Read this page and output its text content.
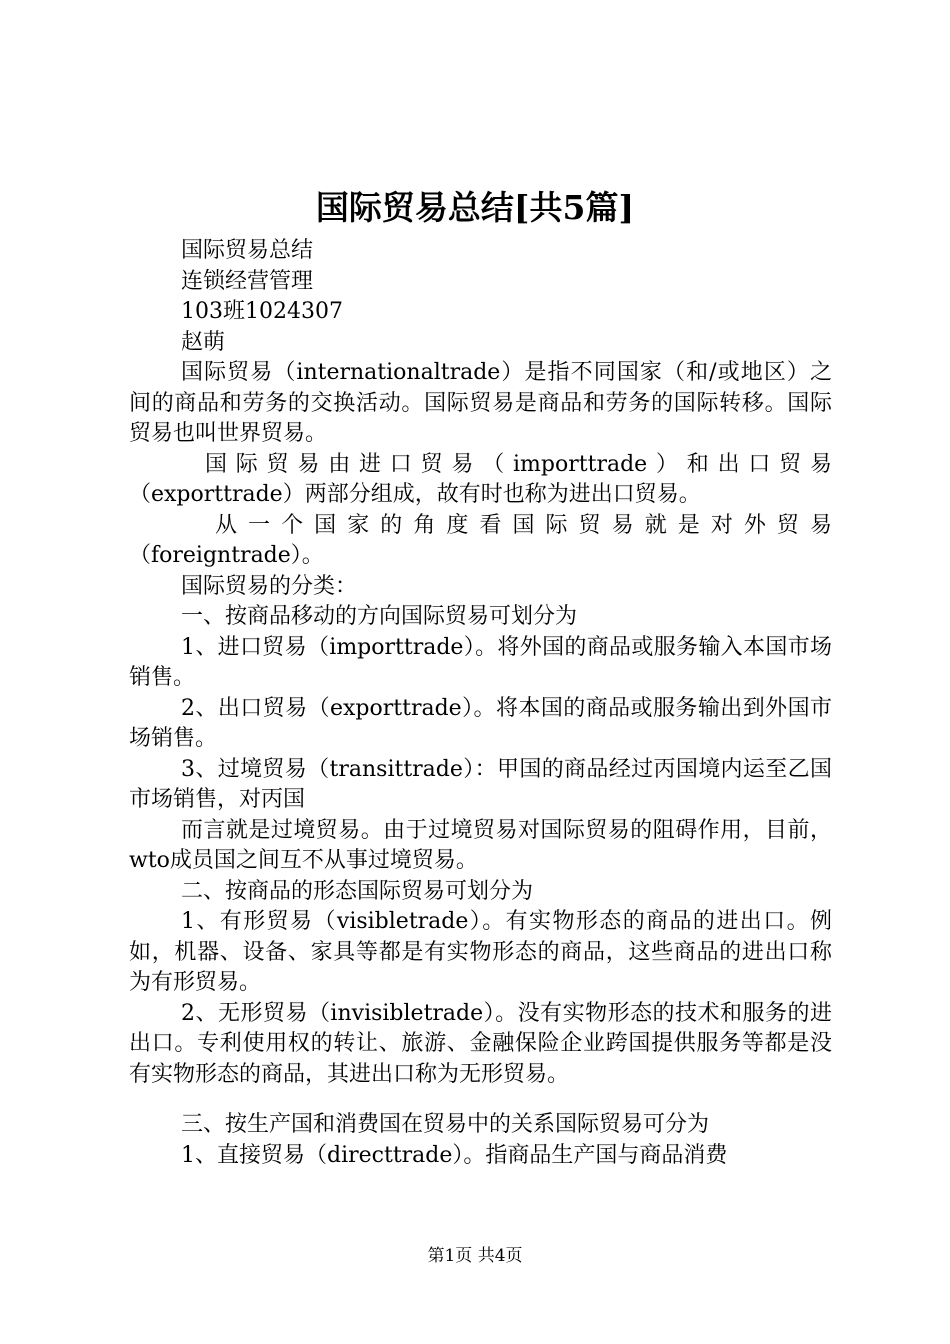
国际贸易总结[共5篇]

国际贸易总结

连锁经营管理

103班1024307

赵萌

国际贸易（internationaltrade）是指不同国家（和/或地区）之间的商品和劳务的交换活动。国际贸易是商品和劳务的国际转移。国际贸易也叫世界贸易。

国际贸易由进口贸易（importtrade）和出口贸易

（exporttrade）两部分组成，故有时也称为进出口贸易。

从一个国家的角度看国际贸易就是对外贸易

（foreigntrade）。

国际贸易的分类：

一、按商品移动的方向国际贸易可划分为

1、进口贸易（importtrade）。将外国的商品或服务输入本国市场销售。

2、出口贸易（exporttrade）。将本国的商品或服务输出到外国市场销售。

3、过境贸易（transittrade）：甲国的商品经过丙国境内运至乙国市场销售，对丙国

而言就是过境贸易。由于过境贸易对国际贸易的阻碍作用，目前，wto成员国之间互不从事过境贸易。

二、按商品的形态国际贸易可划分为

1、有形贸易（visibletrade）。有实物形态的商品的进出口。例如，机器、设备、家具等都是有实物形态的商品，这些商品的进出口称为有形贸易。

2、无形贸易（invisibletrade）。没有实物形态的技术和服务的进出口。专利使用权的转让、旅游、金融保险企业跨国提供服务等都是没有实物形态的商品，其进出口称为无形贸易。

三、按生产国和消费国在贸易中的关系国际贸易可分为

1、直接贸易（directtrade）。指商品生产国与商品消费

第1页 共4页
